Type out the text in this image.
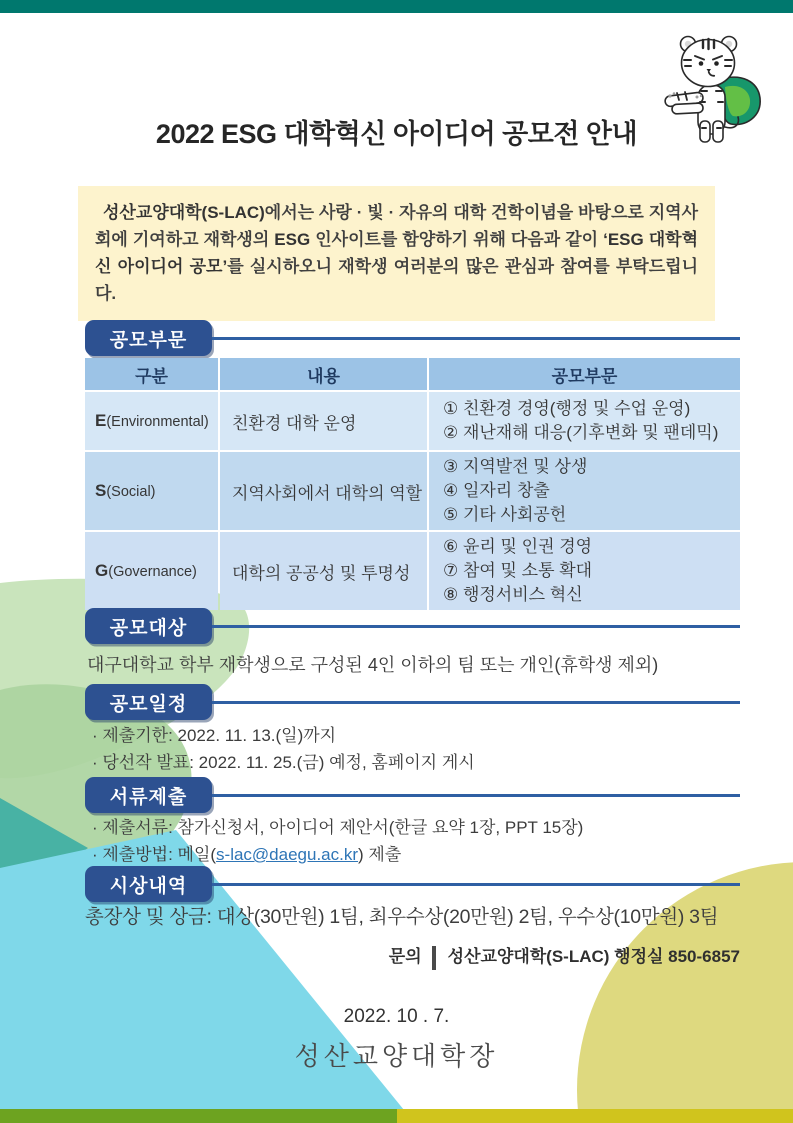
2022 ESG 대학혁신 아이디어 공모전 안내
성산교양대학(S-LAC)에서는 사랑 · 빛 · 자유의 대학 건학이념을 바탕으로 지역사회에 기여하고 재학생의 ESG 인사이트를 함양하기 위해 다음과 같이 ‘ESG 대학혁신 아이디어 공모’를 실시하오니 재학생 여러분의 많은 관심과 참여를 부탁드립니다.
공모부문
구분	내용	공모부문
E (Environmental)	친환경 대학 운영
① 친환경 경영(행정 및 수업 운영)
② 재난재해 대응(기후변화 및 팬데믹)
S (Social)	지역사회에서 대학의 역할
③ 지역발전 및 상생
④ 일자리 창출
⑤ 기타 사회공헌
G (Governance)	대학의 공공성 및 투명성
⑥ 윤리 및 인권 경영
⑦ 참여 및 소통 확대
⑧ 행정서비스 혁신
공모대상
대구대학교 학부 재학생으로 구성된 4인 이하의 팀 또는 개인(휴학생 제외)
공모일정
· 제출기한: 2022. 11. 13.(일)까지
· 당선작 발표: 2022. 11. 25.(금) 예정, 홈페이지 게시
서류제출
· 제출서류: 참가신청서, 아이디어 제안서(한글 요약 1장, PPT 15장)
· 제출방법: 메일(s-lac@daegu.ac.kr) 제출
시상내역
총장상 및 상금: 대상(30만원) 1팀, 최우수상(20만원) 2팀, 우수상(10만원) 3팀
문의 성산교양대학(S-LAC) 행정실 850-6857
2022. 10 . 7.
성산교양대학장
